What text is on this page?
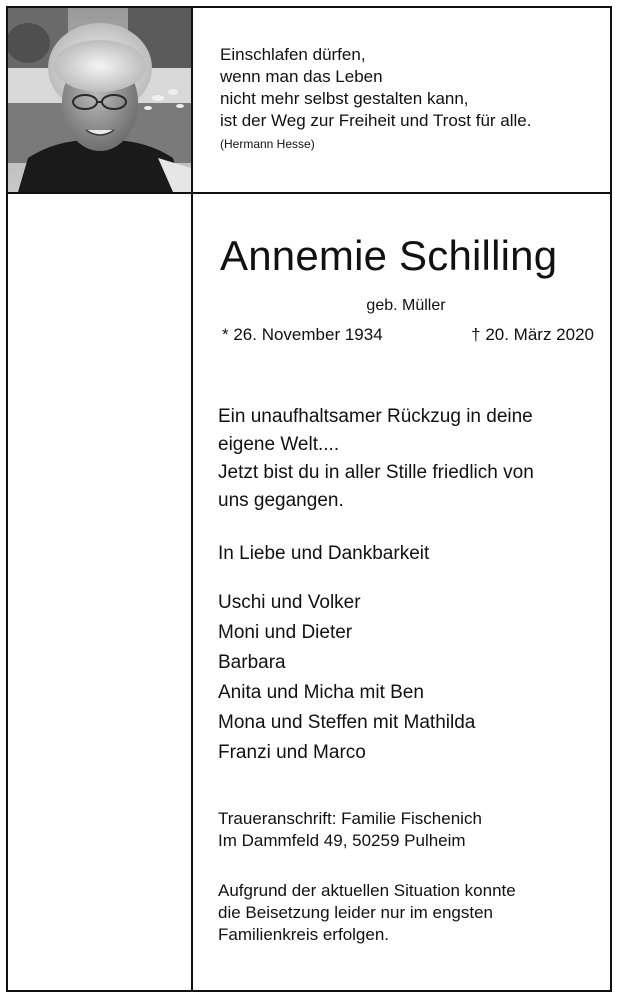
Einschlafen dürfen,
wenn man das Leben
nicht mehr selbst gestalten kann,
ist der Weg zur Freiheit und Trost für alle.
(Hermann Hesse)
Annemie Schilling
geb. Müller
* 26. November 1934	† 20. März 2020
Ein unaufhaltsamer Rückzug in deine
eigene Welt....
Jetzt bist du in aller Stille friedlich von
uns gegangen.
In Liebe und Dankbarkeit
Uschi und Volker
Moni und Dieter
Barbara
Anita und Micha mit Ben
Mona und Steffen mit Mathilda
Franzi und Marco
Traueranschrift: Familie Fischenich
Im Dammfeld 49, 50259 Pulheim
Aufgrund der aktuellen Situation konnte
die Beisetzung leider nur im engsten
Familienkreis erfolgen.
